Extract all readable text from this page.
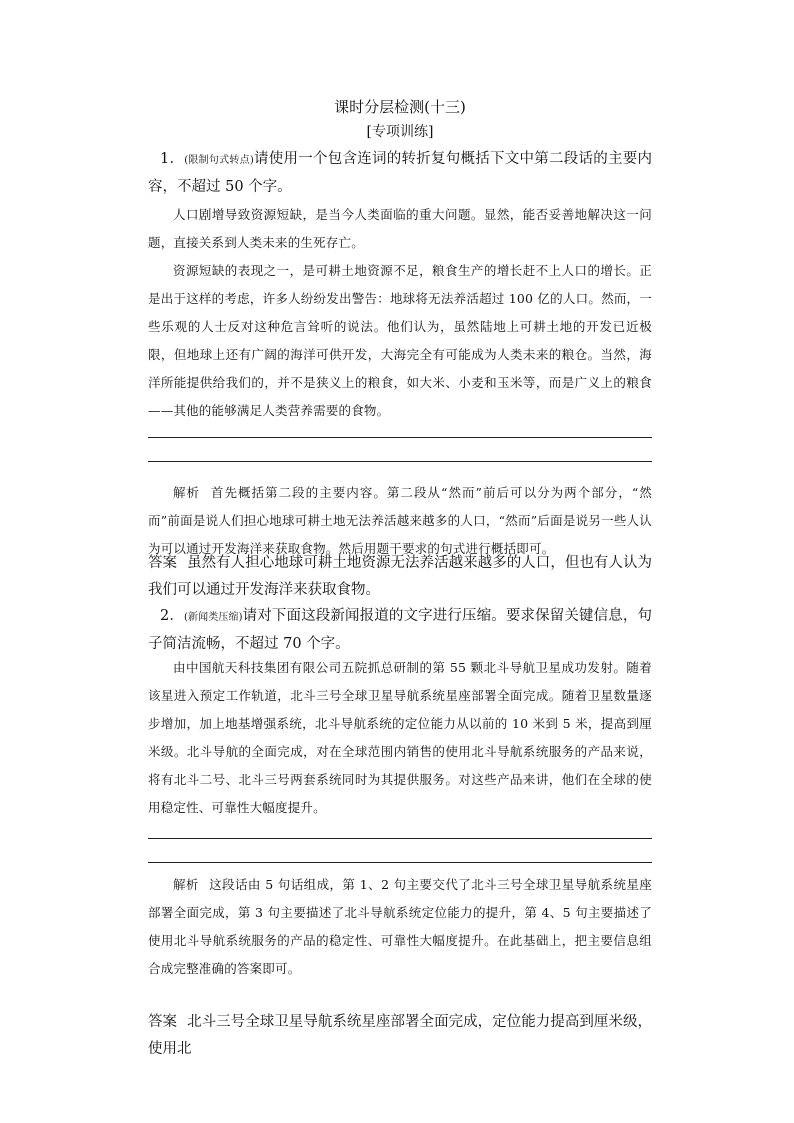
课时分层检测(十三)
[专项训练]

1．(限制句式转点)请使用一个包含连词的转折复句概括下文中第二段话的主要内容，不超过 50 个字。

人口剧增导致资源短缺，是当今人类面临的重大问题。显然，能否妥善地解决这一问题，直接关系到人类未来的生死存亡。

资源短缺的表现之一，是可耕土地资源不足，粮食生产的增长赶不上人口的增长。正是出于这样的考虑，许多人纷纷发出警告：地球将无法养活超过 100 亿的人口。然而，一些乐观的人士反对这种危言耸听的说法。他们认为，虽然陆地上可耕土地的开发已近极限，但地球上还有广阔的海洋可供开发，大海完全有可能成为人类未来的粮仓。当然，海洋所能提供给我们的，并不是狭义上的粮食，如大米、小麦和玉米等，而是广义上的粮食——其他的能够满足人类营养需要的食物。

解析 首先概括第二段的主要内容。第二段从“然而”前后可以分为两个部分，“然而”前面是说人们担心地球可耕土地无法养活越来越多的人口，“然而”后面是说另一些人认为可以通过开发海洋来获取食物。然后用题干要求的句式进行概括即可。

答案 虽然有人担心地球可耕土地资源无法养活越来越多的人口，但也有人认为我们可以通过开发海洋来获取食物。

2．(新闻类压缩)请对下面这段新闻报道的文字进行压缩。要求保留关键信息，句子简洁流畅，不超过 70 个字。

由中国航天科技集团有限公司五院抓总研制的第 55 颗北斗导航卫星成功发射。随着该星进入预定工作轨道，北斗三号全球卫星导航系统星座部署全面完成。随着卫星数量逐步增加，加上地基增强系统，北斗导航系统的定位能力从以前的 10 米到 5 米，提高到厘米级。北斗导航的全面完成，对在全球范围内销售的使用北斗导航系统服务的产品来说，将有北斗二号、北斗三号两套系统同时为其提供服务。对这些产品来讲，他们在全球的使用稳定性、可靠性大幅度提升。

解析 这段话由 5 句话组成，第 1、2 句主要交代了北斗三号全球卫星导航系统星座部署全面完成，第 3 句主要描述了北斗导航系统定位能力的提升，第 4、5 句主要描述了使用北斗导航系统服务的产品的稳定性、可靠性大幅度提升。在此基础上，把主要信息组合成完整准确的答案即可。

答案 北斗三号全球卫星导航系统星座部署全面完成，定位能力提高到厘米级，使用北
